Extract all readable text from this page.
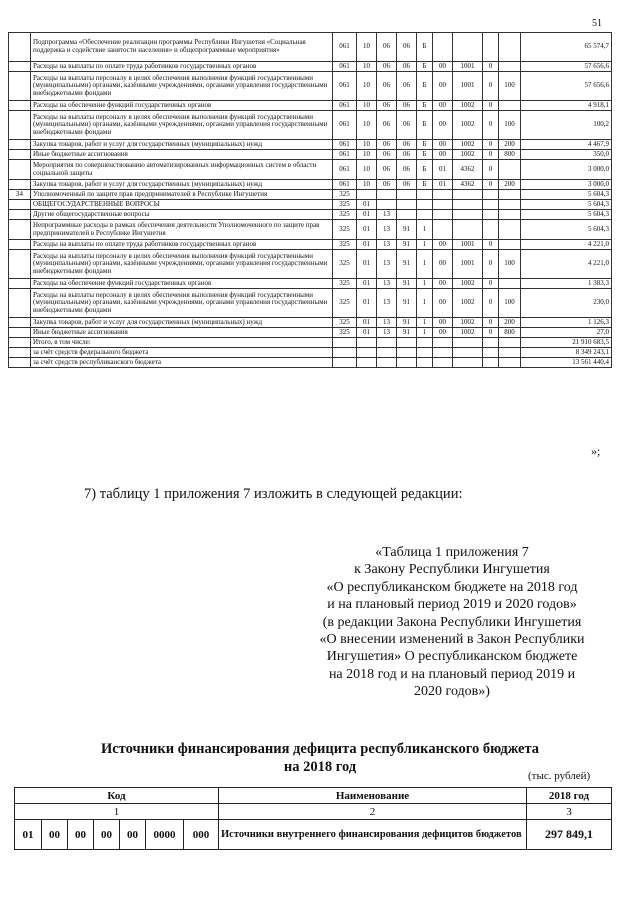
51
	Подпрограмма «Обеспечение реализации программы Республики Ингушетия «Социальная поддержка и содействие занятости населения» и общепрограммные мероприятия»	061	10	06	06	Б					65 574,7
	Расходы на выплаты по оплате труда работников государственных органов	061	10	06	06	Б	00	1001	0		57 656,6
	Расходы на выплаты персоналу в целях обеспечения выполнения функций государственными (муниципальными) органами, казёнными учреждениями, органами управления государственными внебюджетными фондами	061	10	06	06	Б	00	1001	0	100	57 656,6
	Расходы на обеспечение функций государственных органов	061	10	06	06	Б	00	1002	0		4 918,1
	Расходы на выплаты персоналу в целях обеспечения выполнения функций государственными (муниципальными) органами, казёнными учреждениями, органами управления государственными внебюджетными фондами	061	10	06	06	Б	00	1002	0	100	100,2
	Закупка товаров, работ и услуг для государственных (муниципальных) нужд	061	10	06	06	Б	00	1002	0	200	4 467,9
	Иные бюджетные ассигнования	061	10	06	06	Б	00	1002	0	800	350,0
	Мероприятия по совершенствованию автоматизированных информационных систем в области социальной защиты	061	10	06	06	Б	01	4362	0		3 000,0
	Закупка товаров, работ и услуг для государственных (муниципальных) нужд	061	10	06	06	Б	01	4362	0	200	3 000,0
34	Уполномоченный по защите прав предпринимателей в Республике Ингушетия	325									5 604,3
	ОБЩЕГОСУДАРСТВЕННЫЕ ВОПРОСЫ	325	01								5 604,3
	Другие общегосударственные вопросы	325	01	13							5 604,3
	Непрограммные расходы в рамках обеспечения деятельности Уполномоченного по защите прав предпринимателей в Республике Ингушетия	325	01	13	91	1					5 604,3
	Расходы на выплаты по оплате труда работников государственных органов	325	01	13	91	1	00	1001	0		4 221,0
	Расходы на выплаты персоналу в целях обеспечения выполнения функций государственными (муниципальными) органами, казёнными учреждениями, органами управления государственными внебюджетными фондами	325	01	13	91	1	00	1001	0	100	4 221,0
	Расходы на обеспечение функций государственных органов	325	01	13	91	1	00	1002	0		1 383,3
	Расходы на выплаты персоналу в целях обеспечения выполнения функций государственными (муниципальными) органами, казёнными учреждениями, органами управления государственными внебюджетными фондами	325	01	13	91	1	00	1002	0	100	230,0
	Закупка товаров, работ и услуг для государственных (муниципальных) нужд	325	01	13	91	1	00	1002	0	200	1 126,3
	Иные бюджетные ассигнования	325	01	13	91	1	00	1002	0	800	27,0
	Итого, в том числе:										21 910 683,5
	за счёт средств федерального бюджета										8 349 243,1
	за счёт средств республиканского бюджета										13 561 440,4
»;
7) таблицу 1 приложения 7 изложить в следующей редакции:
«Таблица 1 приложения 7
к Закону Республики Ингушетия
«О республиканском бюджете на 2018 год
и на плановый период 2019 и 2020 годов»
(в редакции Закона Республики Ингушетия
«О внесении изменений в Закон Республики
Ингушетия» О республиканском бюджете
на 2018 год и на плановый период 2019 и
2020 годов»)
Источники финансирования дефицита республиканского бюджета
на 2018 год
(тыс. рублей)
Код							Наименование	2018 год
1							2	3
01	00	00	00	00	0000	000	Источники внутреннего финансирования дефицитов бюджетов	297 849,1
